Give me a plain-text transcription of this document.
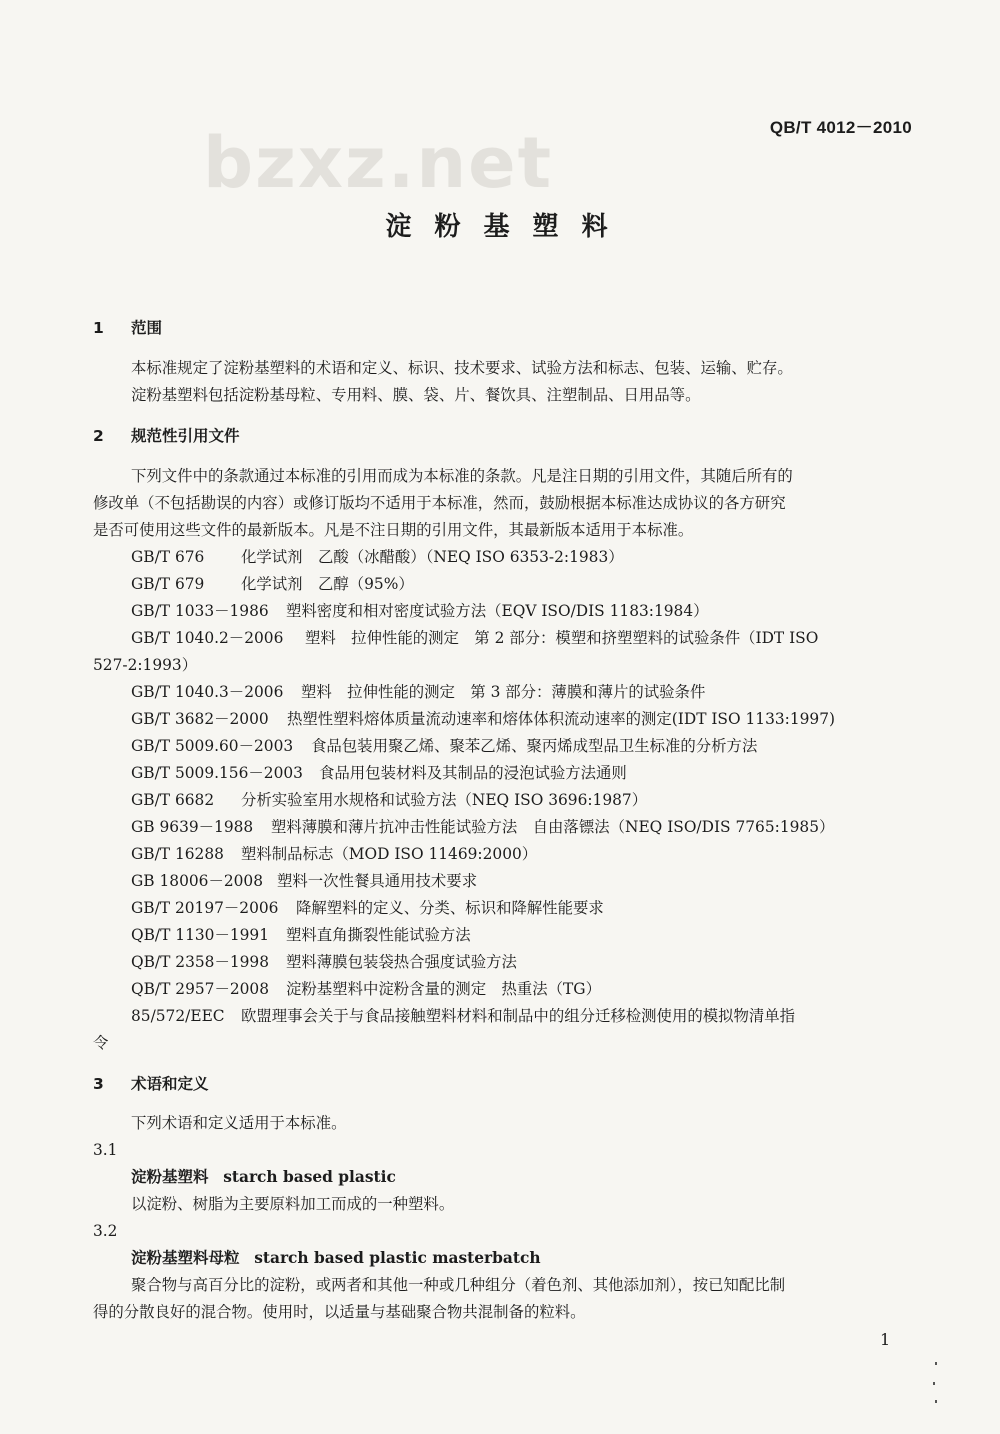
bzxz.net	QB/T 4012－2010
淀 粉 基 塑 料
1 范围
本标准规定了淀粉基塑料的术语和定义、标识、技术要求、试验方法和标志、包装、运输、贮存。
淀粉基塑料包括淀粉基母粒、专用料、膜、袋、片、餐饮具、注塑制品、日用品等。
2 规范性引用文件
下列文件中的条款通过本标准的引用而成为本标准的条款。凡是注日期的引用文件，其随后所有的
修改单（不包括勘误的内容）或修订版均不适用于本标准，然而，鼓励根据本标准达成协议的各方研究
是否可使用这些文件的最新版本。凡是不注日期的引用文件，其最新版本适用于本标准。
GB/T 676 化学试剂　乙酸（冰醋酸）（NEQ ISO 6353-2:1983）
GB/T 679 化学试剂　乙醇（95%）
GB/T 1033－1986 塑料密度和相对密度试验方法（EQV ISO/DIS 1183:1984）
GB/T 1040.2－2006 塑料　拉伸性能的测定　第 2 部分：模塑和挤塑塑料的试验条件（IDT ISO
527-2:1993）
GB/T 1040.3－2006 塑料　拉伸性能的测定　第 3 部分：薄膜和薄片的试验条件
GB/T 3682－2000 热塑性塑料熔体质量流动速率和熔体体积流动速率的测定(IDT ISO 1133:1997)
GB/T 5009.60－2003 食品包装用聚乙烯、聚苯乙烯、聚丙烯成型品卫生标准的分析方法
GB/T 5009.156－2003 食品用包装材料及其制品的浸泡试验方法通则
GB/T 6682 分析实验室用水规格和试验方法（NEQ ISO 3696:1987）
GB 9639－1988 塑料薄膜和薄片抗冲击性能试验方法　自由落镖法（NEQ ISO/DIS 7765:1985）
GB/T 16288 塑料制品标志（MOD ISO 11469:2000）
GB 18006－2008 塑料一次性餐具通用技术要求
GB/T 20197－2006 降解塑料的定义、分类、标识和降解性能要求
QB/T 1130－1991 塑料直角撕裂性能试验方法
QB/T 2358－1998 塑料薄膜包装袋热合强度试验方法
QB/T 2957－2008 淀粉基塑料中淀粉含量的测定　热重法（TG）
85/572/EEC 欧盟理事会关于与食品接触塑料材料和制品中的组分迁移检测使用的模拟物清单指
令
3 术语和定义
下列术语和定义适用于本标准。
3.1
淀粉基塑料 starch based plastic
以淀粉、树脂为主要原料加工而成的一种塑料。
3.2
淀粉基塑料母粒 starch based plastic masterbatch
聚合物与高百分比的淀粉，或两者和其他一种或几种组分（着色剂、其他添加剂），按已知配比制
得的分散良好的混合物。使用时，以适量与基础聚合物共混制备的粒料。
1
